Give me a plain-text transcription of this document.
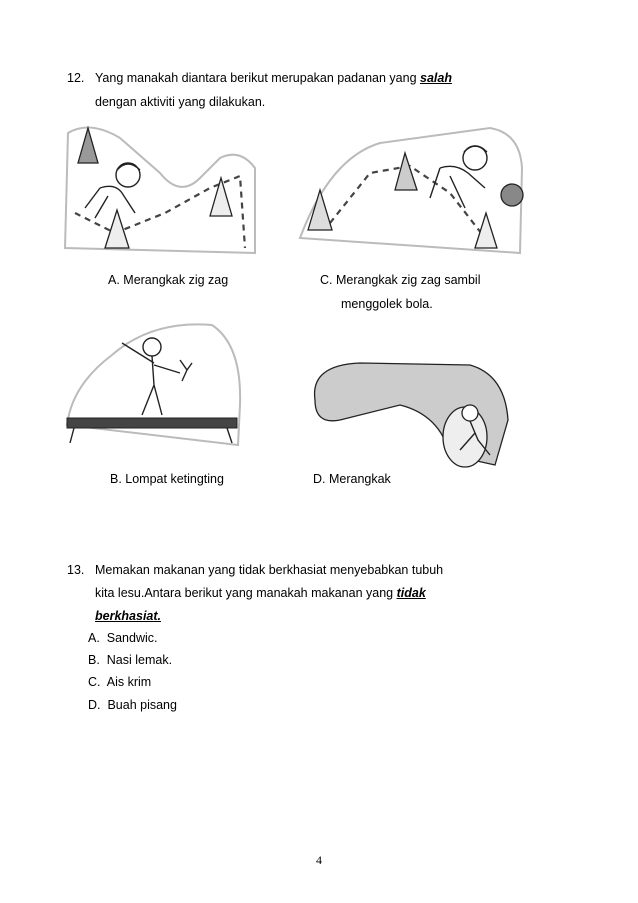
12. Yang manakah diantara berikut merupakan padanan yang salah
dengan aktiviti yang dilakukan.
A. Merangkak zig zag	C. Merangkak zig zag sambil
menggolek bola.
B. Lompat ketingting	D. Merangkak
13. Memakan makanan yang tidak berkhasiat menyebabkan tubuh
kita lesu.Antara berikut yang manakah makanan yang tidak
berkhasiat.
A. Sandwic.
B. Nasi lemak.
C. Ais krim
D. Buah pisang
4
